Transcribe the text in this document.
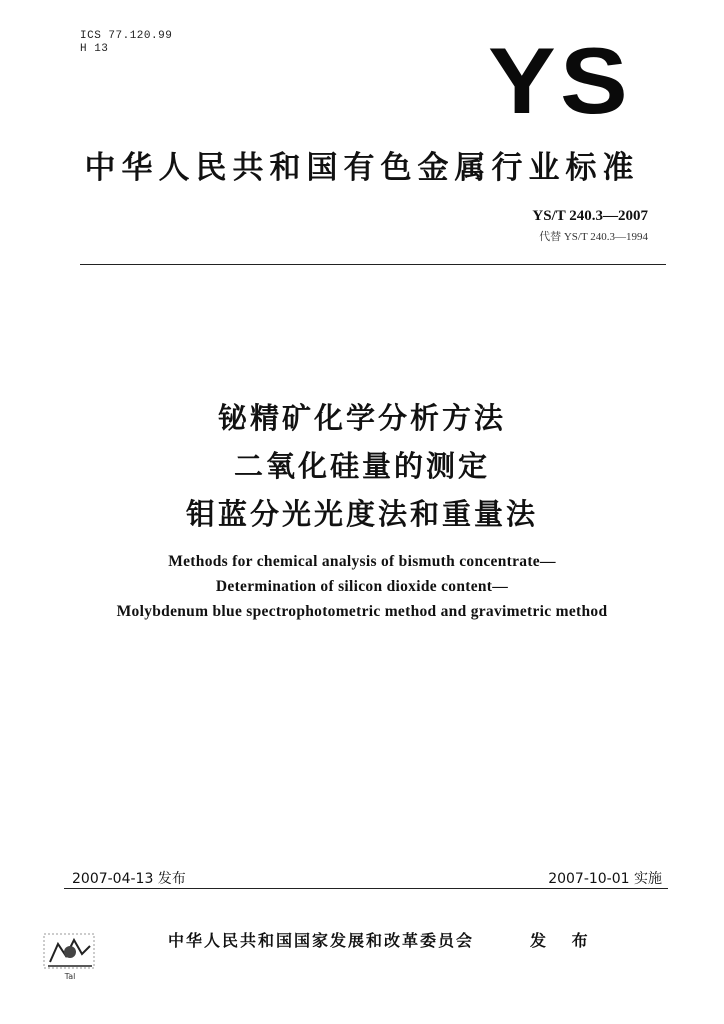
ICS 77.120.99
H 13	YS
中华人民共和国有色金属行业标准
YS/T 240.3—2007
代替 YS/T 240.3—1994
铋精矿化学分析方法
二氧化硅量的测定
钼蓝分光光度法和重量法
Methods for chemical analysis of bismuth concentrate—
Determination of silicon dioxide content—
Molybdenum blue spectrophotometric method and gravimetric method
2007-04-13 发布	2007-10-01 实施
Tal
中华人民共和国国家发展和改革委员会	发 布
